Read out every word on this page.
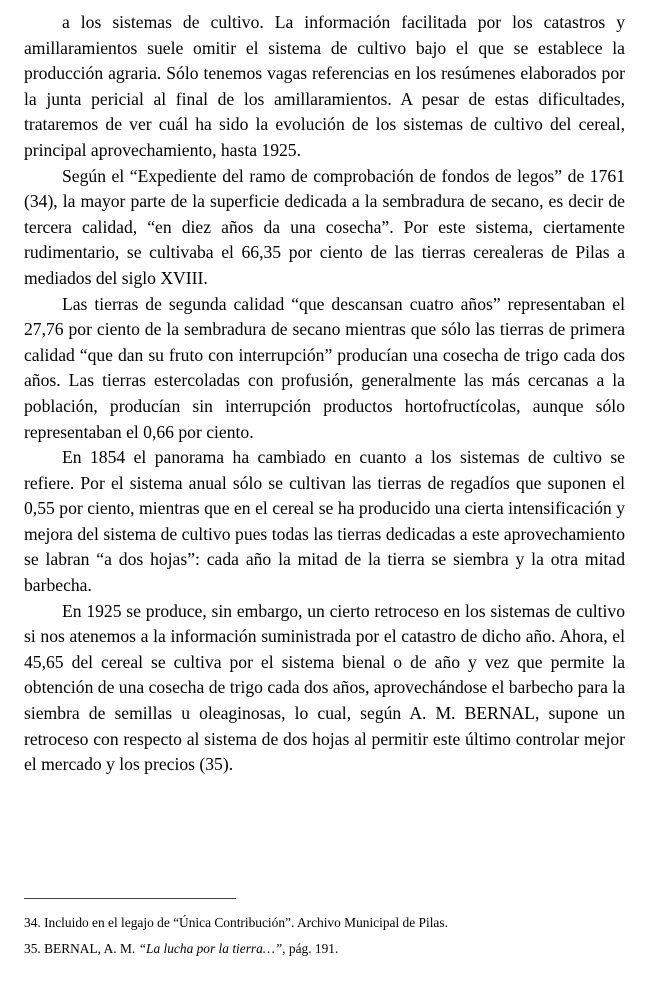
a los sistemas de cultivo. La información facilitada por los catastros y amillaramientos suele omitir el sistema de cultivo bajo el que se establece la producción agraria. Sólo tenemos vagas referencias en los resúmenes elaborados por la junta pericial al final de los amillaramientos. A pesar de estas dificultades, trataremos de ver cuál ha sido la evolución de los sistemas de cultivo del cereal, principal aprovechamiento, hasta 1925.

Según el “Expediente del ramo de comprobación de fondos de legos” de 1761 (34), la mayor parte de la superficie dedicada a la sembradura de secano, es decir de tercera calidad, “en diez años da una cosecha”. Por este sistema, ciertamente rudimentario, se cultivaba el 66,35 por ciento de las tierras cerealeras de Pilas a mediados del siglo XVIII.

Las tierras de segunda calidad “que descansan cuatro años” representaban el 27,76 por ciento de la sembradura de secano mientras que sólo las tierras de primera calidad “que dan su fruto con interrupción” producían una cosecha de trigo cada dos años. Las tierras estercoladas con profusión, generalmente las más cercanas a la población, producían sin interrupción productos hortofructícolas, aunque sólo representaban el 0,66 por ciento.

En 1854 el panorama ha cambiado en cuanto a los sistemas de cultivo se refiere. Por el sistema anual sólo se cultivan las tierras de regadíos que suponen el 0,55 por ciento, mientras que en el cereal se ha producido una cierta intensificación y mejora del sistema de cultivo pues todas las tierras dedicadas a este aprovechamiento se labran “a dos hojas”: cada año la mitad de la tierra se siembra y la otra mitad barbecha.

En 1925 se produce, sin embargo, un cierto retroceso en los sistemas de cultivo si nos atenemos a la información suministrada por el catastro de dicho año. Ahora, el 45,65 del cereal se cultiva por el sistema bienal o de año y vez que permite la obtención de una cosecha de trigo cada dos años, aprovechándose el barbecho para la siembra de semillas u oleaginosas, lo cual, según A. M. BERNAL, supone un retroceso con respecto al sistema de dos hojas al permitir este último controlar mejor el mercado y los precios (35).

34. Incluido en el legajo de “Única Contribución”. Archivo Municipal de Pilas.

35. BERNAL, A. M. “La lucha por la tierra…”, pág. 191.
